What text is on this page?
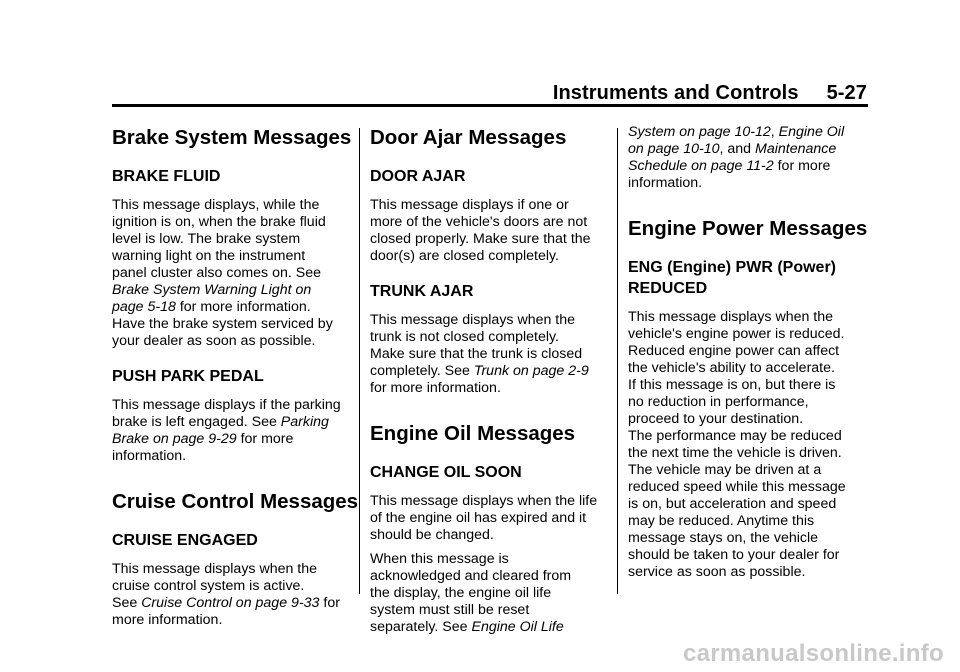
Instruments and Controls 5-27
Brake System Messages
BRAKE FLUID

This message displays, while the
ignition is on, when the brake fluid
level is low. The brake system
warning light on the instrument
panel cluster also comes on. See
Brake System Warning Light on
page 5-18 for more information.
Have the brake system serviced by
your dealer as soon as possible.

PUSH PARK PEDAL

This message displays if the parking
brake is left engaged. See Parking
Brake on page 9-29 for more
information.

Cruise Control Messages
CRUISE ENGAGED

This message displays when the
cruise control system is active.
See Cruise Control on page 9-33 for
more information.

Door Ajar Messages
DOOR AJAR

This message displays if one or
more of the vehicle's doors are not
closed properly. Make sure that the
door(s) are closed completely.

TRUNK AJAR

This message displays when the
trunk is not closed completely.
Make sure that the trunk is closed
completely. See Trunk on page 2-9
for more information.

Engine Oil Messages
CHANGE OIL SOON

This message displays when the life
of the engine oil has expired and it
should be changed.

When this message is
acknowledged and cleared from
the display, the engine oil life
system must still be reset
separately. See Engine Oil Life

System on page 10-12, Engine Oil
on page 10-10, and Maintenance
Schedule on page 11-2 for more
information.

Engine Power Messages
ENG (Engine) PWR (Power)
REDUCED

This message displays when the
vehicle's engine power is reduced.
Reduced engine power can affect
the vehicle's ability to accelerate.
If this message is on, but there is
no reduction in performance,
proceed to your destination.
The performance may be reduced
the next time the vehicle is driven.
The vehicle may be driven at a
reduced speed while this message
is on, but acceleration and speed
may be reduced. Anytime this
message stays on, the vehicle
should be taken to your dealer for
service as soon as possible.

carmanualsonline.info
